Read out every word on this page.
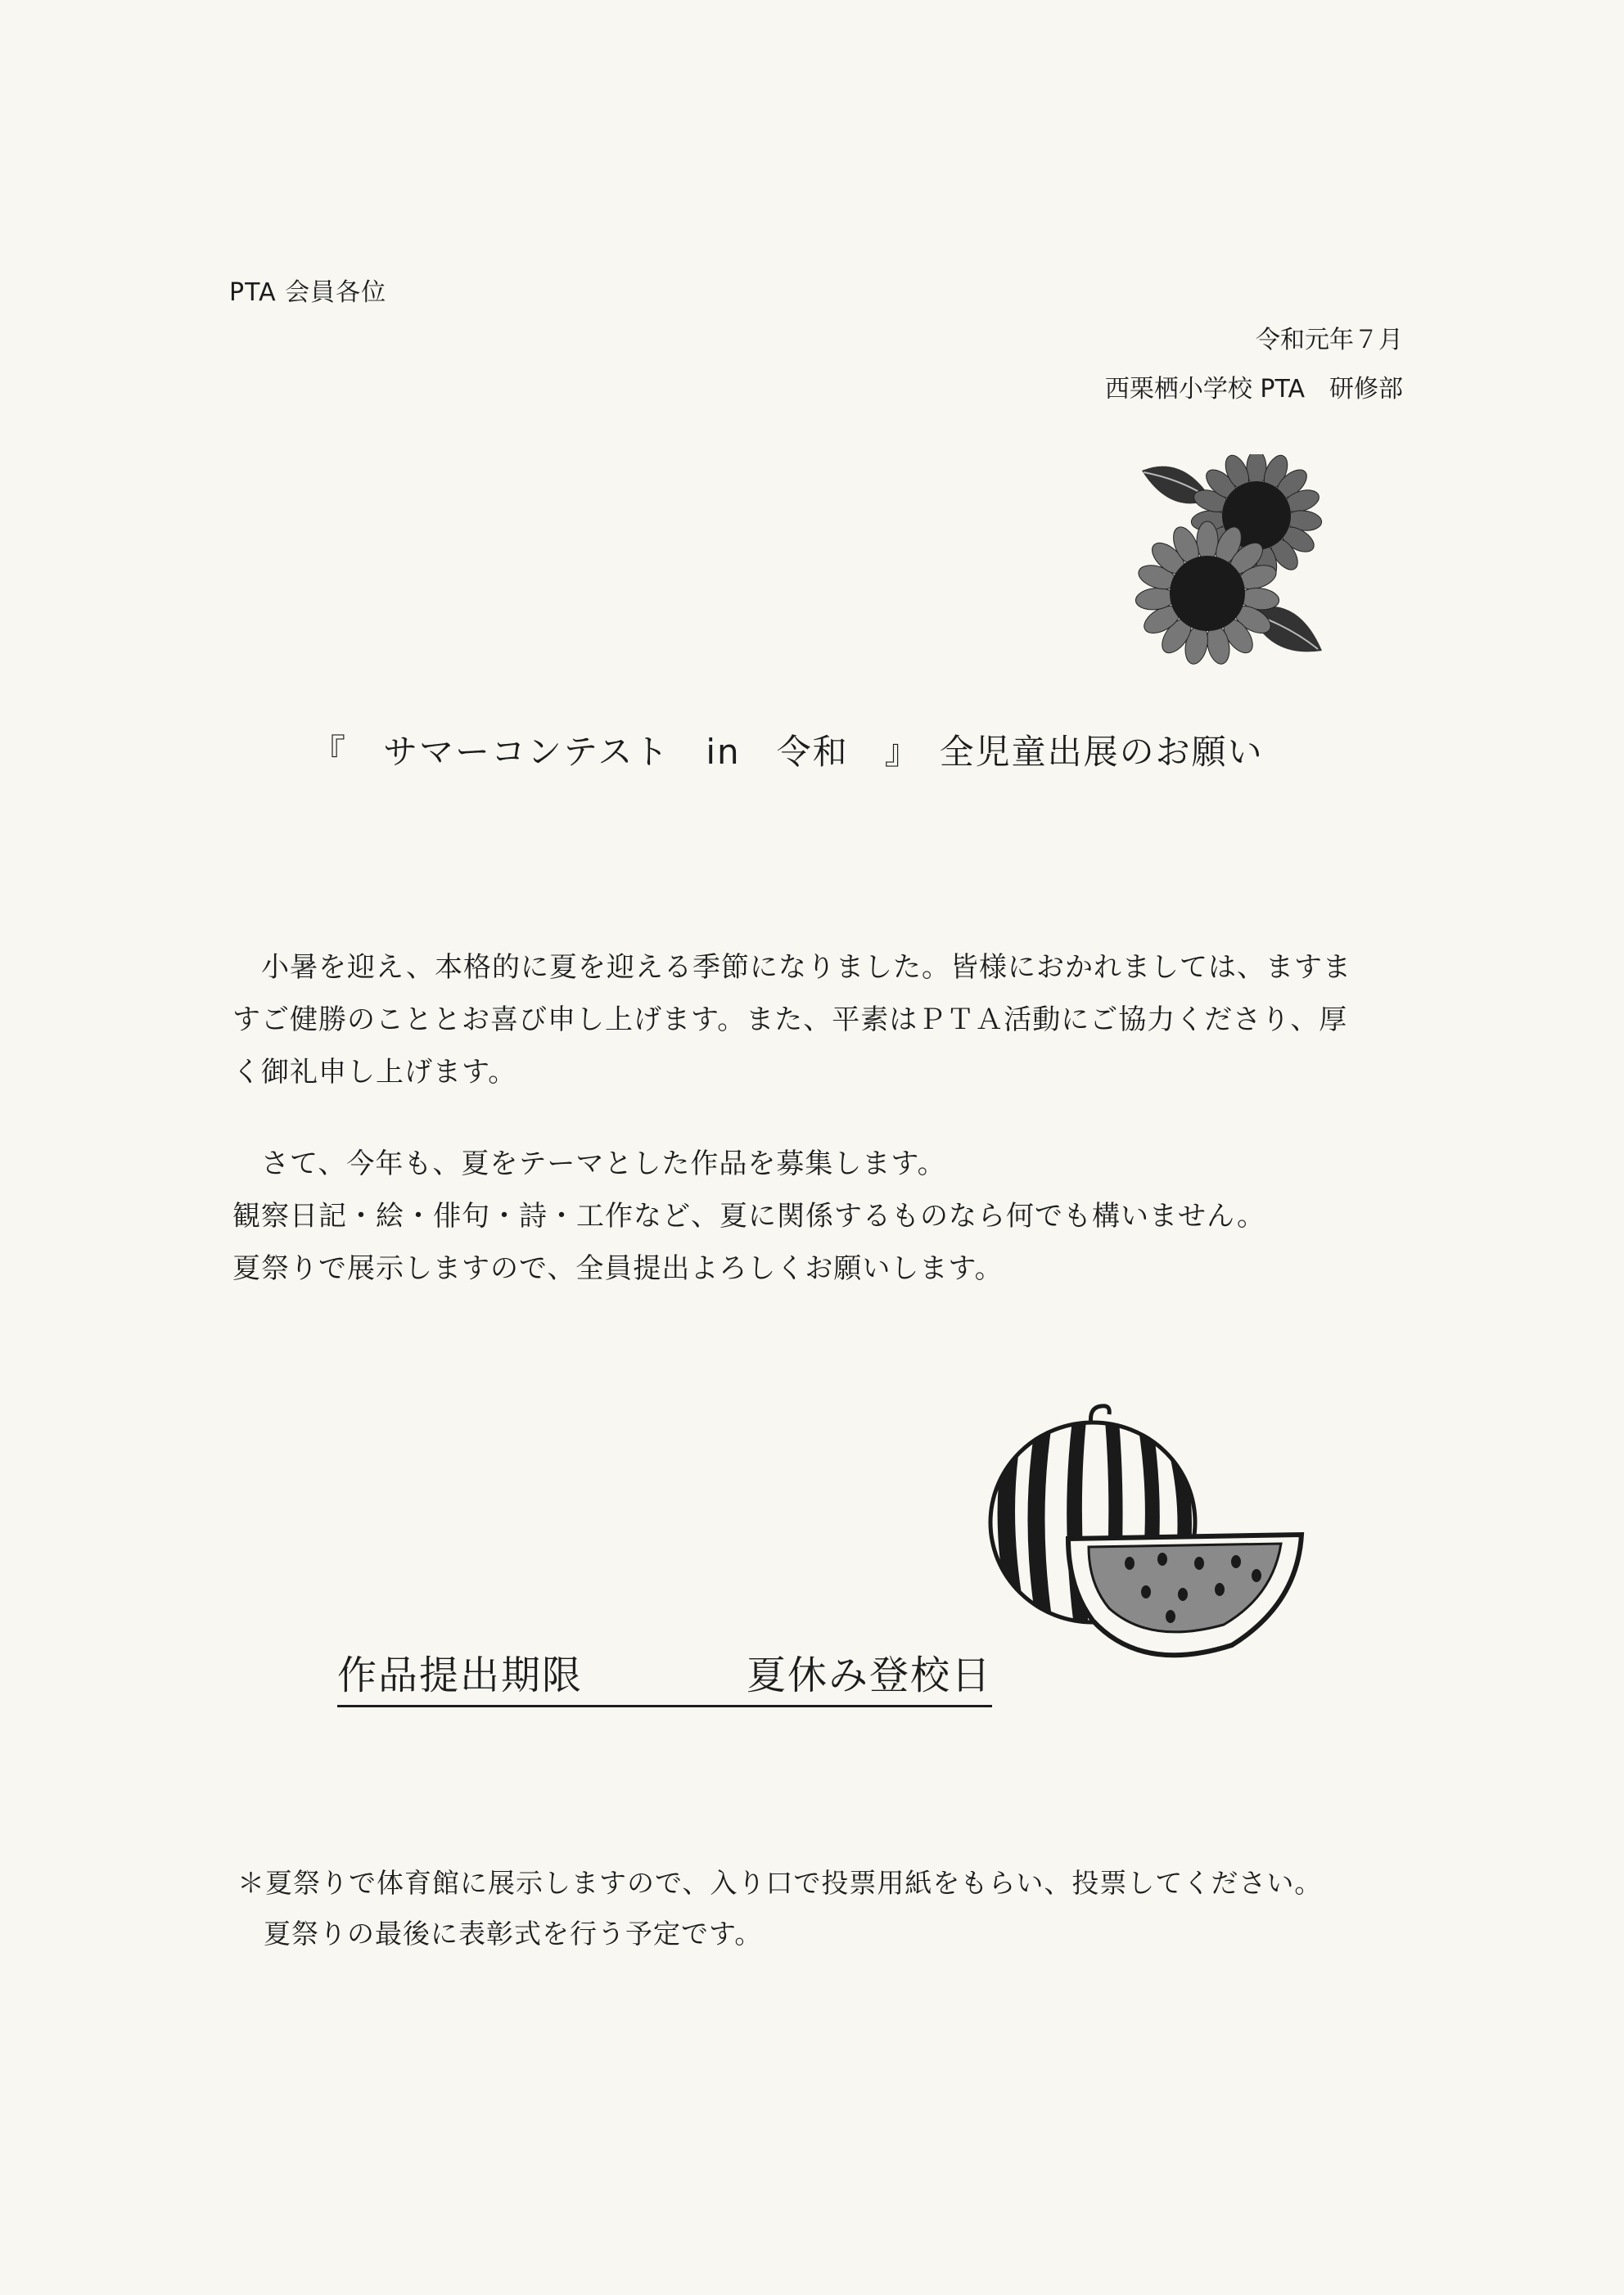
PTA 会員各位
令和元年７月
西栗栖小学校 PTA　研修部
『　サマーコンテスト　in　令和　』　全児童出展のお願い

　小暑を迎え、本格的に夏を迎える季節になりました。皆様におかれましては、ますま

すご健勝のこととお喜び申し上げます。また、平素はＰＴＡ活動にご協力くださり、厚

く御礼申し上げます。

　さて、今年も、夏をテーマとした作品を募集します。

観察日記・絵・俳句・詩・工作など、夏に関係するものなら何でも構いません。

夏祭りで展示しますので、全員提出よろしくお願いします。

作品提出期限　　　　	夏休み登校日

＊夏祭りで体育館に展示しますので、入り口で投票用紙をもらい、投票してください。

夏祭りの最後に表彰式を行う予定です。
